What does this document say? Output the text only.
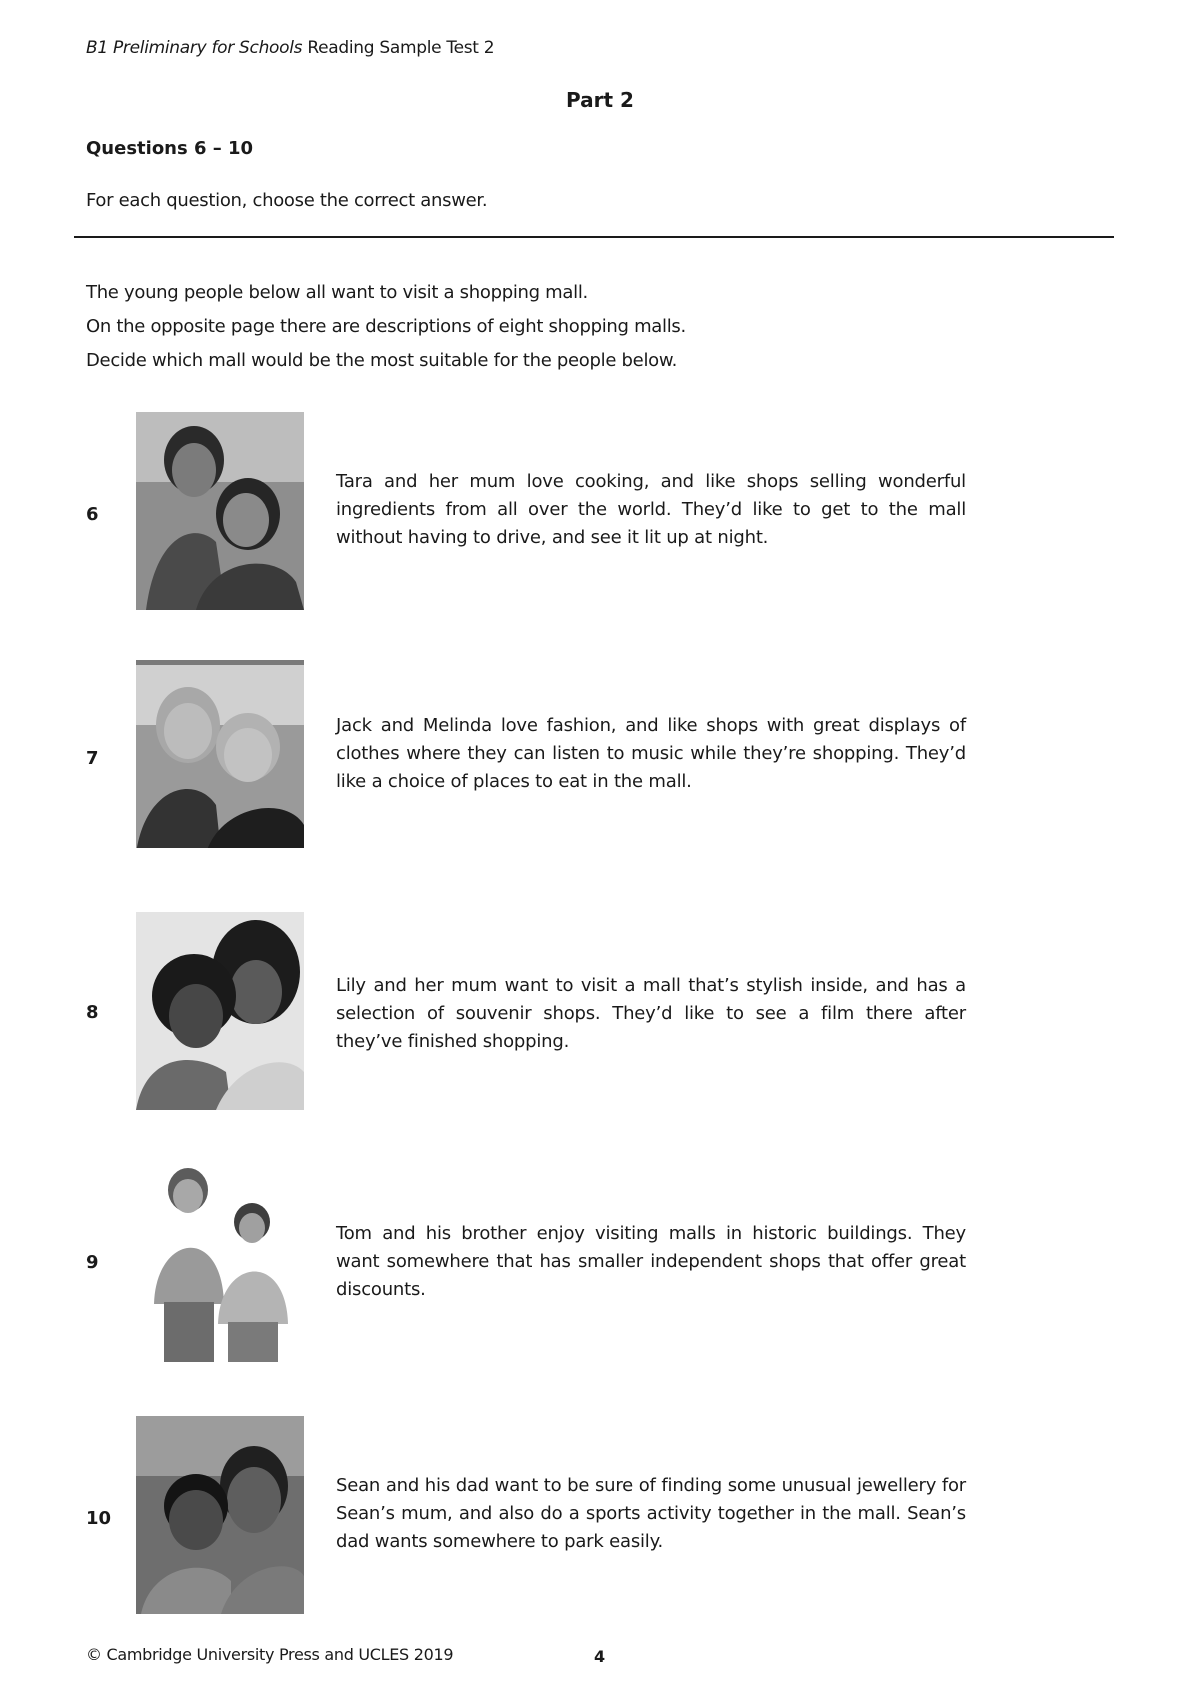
B1 Preliminary for Schools Reading Sample Test 2
Part 2
Questions 6 – 10
For each question, choose the correct answer.

The young people below all want to visit a shopping mall.

On the opposite page there are descriptions of eight shopping malls.

Decide which mall would be the most suitable for the people below.

6
Tara and her mum love cooking, and like shops selling wonderful ingredients from all over the world. They’d like to get to the mall without having to drive, and see it lit up at night.
7
Jack and Melinda love fashion, and like shops with great displays of clothes where they can listen to music while they’re shopping. They’d like a choice of places to eat in the mall.
8
Lily and her mum want to visit a mall that’s stylish inside, and has a selection of souvenir shops. They’d like to see a film there after they’ve finished shopping.
9
Tom and his brother enjoy visiting malls in historic buildings. They want somewhere that has smaller independent shops that offer great discounts.
10
Sean and his dad want to be sure of finding some unusual jewellery for Sean’s mum, and also do a sports activity together in the mall. Sean’s dad wants somewhere to park easily.
© Cambridge University Press and UCLES 2019	4
